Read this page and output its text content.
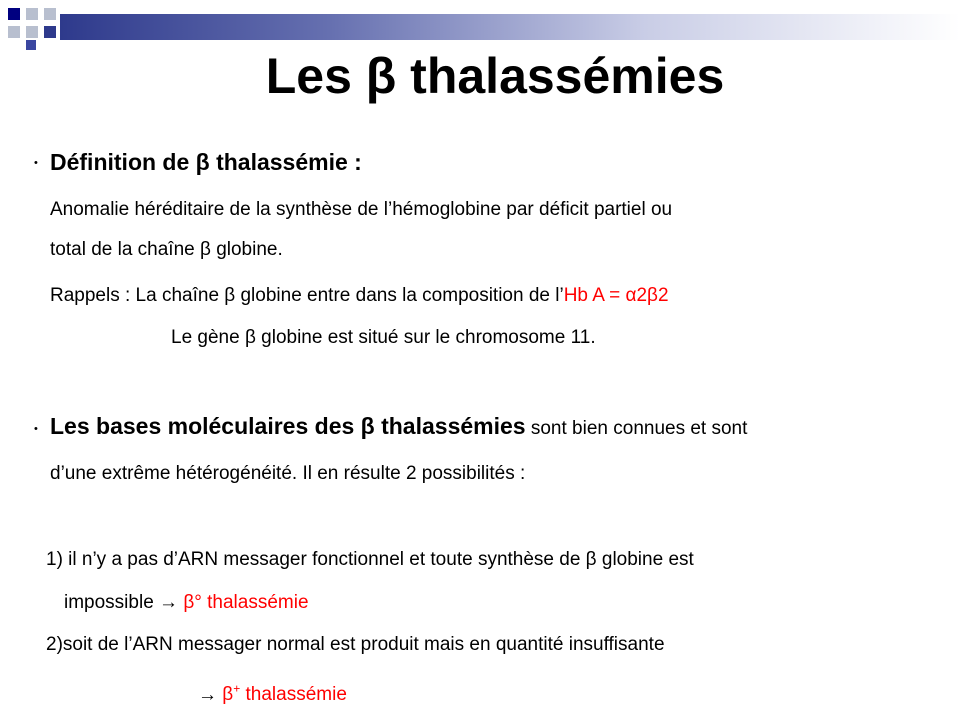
Les β thalassémies
• Définition de β thalassémie :
Anomalie héréditaire de la synthèse de l’hémoglobine par déficit partiel ou
total de la chaîne β globine.
Rappels : La chaîne β globine entre dans la composition de l’Hb A = α2β2
Le gène β globine est situé sur le chromosome 11.
• Les bases moléculaires des β thalassémies sont bien connues et sont
d’une extrême hétérogénéité. Il en résulte 2 possibilités :
1) il n’y a pas d’ARN messager fonctionnel et toute synthèse de β globine est
impossible → β° thalassémie
2)soit de l’ARN messager normal est produit mais en quantité insuffisante
→ β+ thalassémie
